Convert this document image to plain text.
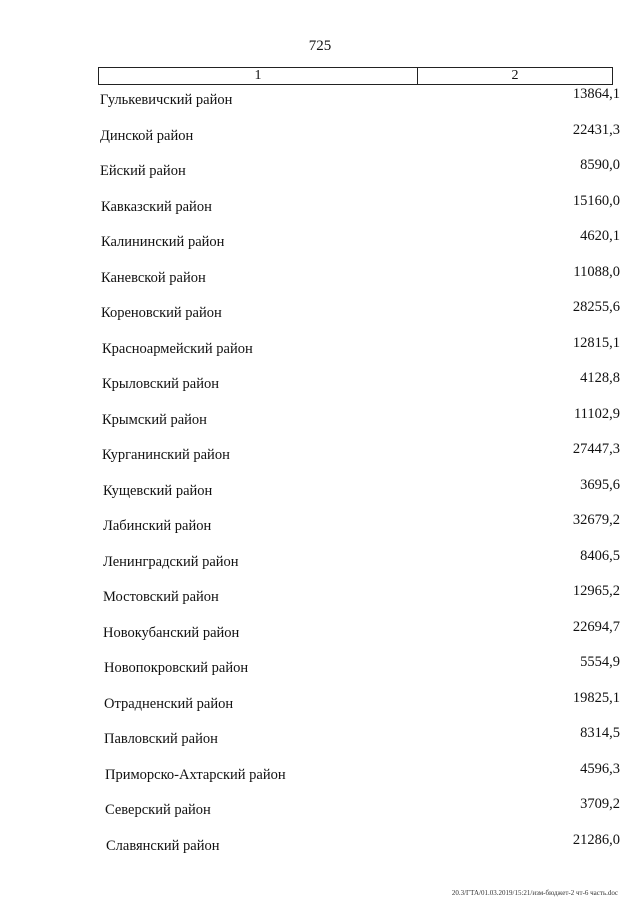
725
1	2
Гулькевичский район	13864,1
Динской район	22431,3
Ейский район	8590,0
Кавказский район	15160,0
Калининский район	4620,1
Каневской район	11088,0
Кореновский район	28255,6
Красноармейский район	12815,1
Крыловский район	4128,8
Крымский район	11102,9
Курганинский район	27447,3
Кущевский район	3695,6
Лабинский район	32679,2
Ленинградский район	8406,5
Мостовский район	12965,2
Новокубанский район	22694,7
Новопокровский район	5554,9
Отрадненский район	19825,1
Павловский район	8314,5
Приморско-Ахтарский район	4596,3
Северский район	3709,2
Славянский район	21286,0
20.3/ГТА/01.03.2019/15:21/изм-бюджет-2 чт-6 часть.doc
